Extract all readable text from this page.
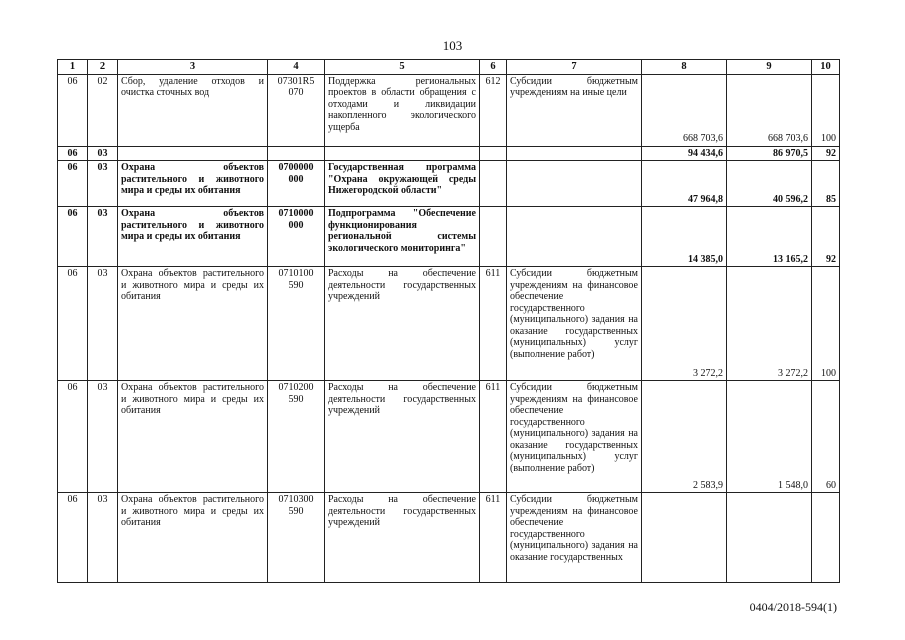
103
1	2	3	4	5	6	7	8	9	10
06	02	Сбор, удаление отходов и очистка сточных вод	07301R5 070	Поддержка региональных проектов в области обращения с отходами и ликвидации накопленного экологического ущерба	612	Субсидии бюджетным учреждениям на иные цели	668 703,6	668 703,6	100
06	03						94 434,6	86 970,5	92
06	03	Охрана объектов растительного и животного мира и среды их обитания	0700000 000	Государственная программа "Охрана окружающей среды Нижегородской области"			47 964,8	40 596,2	85
06	03	Охрана объектов растительного и животного мира и среды их обитания	0710000 000	Подпрограмма "Обеспечение функционирования региональной системы экологического мониторинга"			14 385,0	13 165,2	92
06	03	Охрана объектов растительного и животного мира и среды их обитания	0710100 590	Расходы на обеспечение деятельности государственных учреждений	611	Субсидии бюджетным учреждениям на финансовое обеспечение государственного (муниципального) задания на оказание государственных (муниципальных) услуг (выполнение работ)	3 272,2	3 272,2	100
06	03	Охрана объектов растительного и животного мира и среды их обитания	0710200 590	Расходы на обеспечение деятельности государственных учреждений	611	Субсидии бюджетным учреждениям на финансовое обеспечение государственного (муниципального) задания на оказание государственных (муниципальных) услуг (выполнение работ)	2 583,9	1 548,0	60
06	03	Охрана объектов растительного и животного мира и среды их обитания	0710300 590	Расходы на обеспечение деятельности государственных учреждений	611	Субсидии бюджетным учреждениям на финансовое обеспечение государственного (муниципального) задания на оказание государственных			
0404/2018-594(1)
